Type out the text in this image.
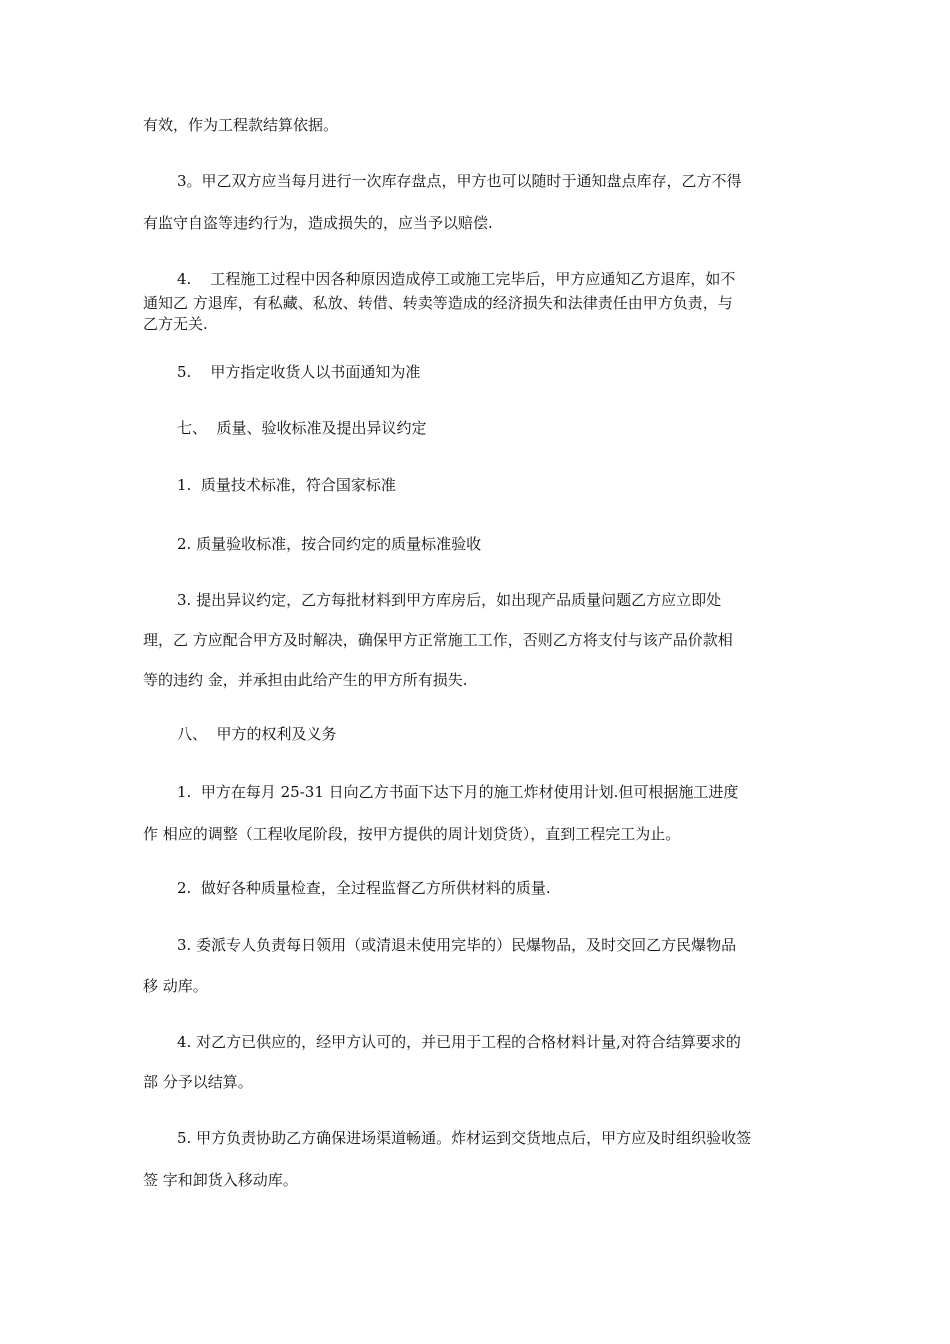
有效，作为工程款结算依据。
3。甲乙双方应当每月进行一次库存盘点，甲方也可以随时于通知盘点库存，乙方不得
有监守自盗等违约行为，造成损失的，应当予以赔偿.
4.    工程施工过程中因各种原因造成停工或施工完毕后，甲方应通知乙方退库，如不
通知乙 方退库，有私藏、私放、转借、转卖等造成的经济损失和法律责任由甲方负责，与
乙方无关.
5.    甲方指定收货人以书面通知为准
七、  质量、验收标准及提出异议约定
1.  质量技术标准，符合国家标准
2. 质量验收标准，按合同约定的质量标准验收
3. 提出异议约定，乙方每批材料到甲方库房后，如出现产品质量问题乙方应立即处
理，乙 方应配合甲方及时解决，确保甲方正常施工工作，否则乙方将支付与该产品价款相
等的违约 金，并承担由此给产生的甲方所有损失.
八、  甲方的权利及义务
1.  甲方在每月 25-31 日向乙方书面下达下月的施工炸材使用计划.但可根据施工进度
作 相应的调整（工程收尾阶段，按甲方提供的周计划贷货），直到工程完工为止。
2.  做好各种质量检查，全过程监督乙方所供材料的质量.
3. 委派专人负责每日领用（或清退未使用完毕的）民爆物品，及时交回乙方民爆物品
移 动库。
4. 对乙方已供应的，经甲方认可的，并已用于工程的合格材料计量,对符合结算要求的
部 分予以结算。
5. 甲方负责协助乙方确保进场渠道畅通。炸材运到交货地点后，甲方应及时组织验收签
签 字和卸货入移动库。
